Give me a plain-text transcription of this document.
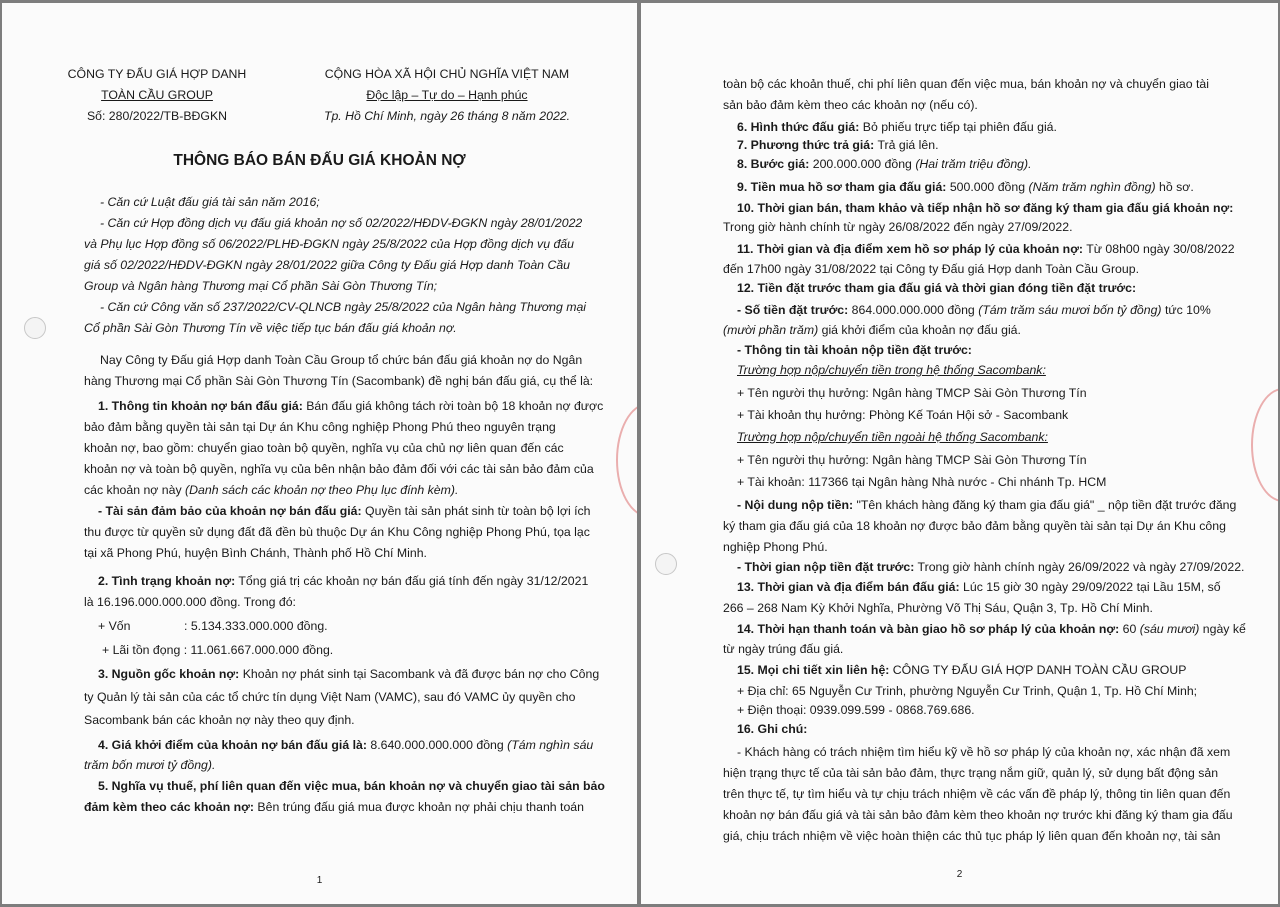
CÔNG TY ĐẤU GIÁ HỢP DANH
TOÀN CẦU GROUP
Số: 280/2022/TB-BĐGKN
CỘNG HÒA XÃ HỘI CHỦ NGHĨA VIỆT NAM
Độc lập – Tự do – Hạnh phúc
Tp. Hồ Chí Minh, ngày 26 tháng 8 năm 2022.
THÔNG BÁO BÁN ĐẤU GIÁ KHOẢN NỢ
- Căn cứ Luật đấu giá tài sản năm 2016;
- Căn cứ Hợp đồng dịch vụ đấu giá khoản nợ số 02/2022/HĐDV-ĐGKN ngày 28/01/2022
và Phụ lục Hợp đồng số 06/2022/PLHĐ-ĐGKN ngày 25/8/2022 của Hợp đồng dịch vụ đấu
giá số 02/2022/HĐDV-ĐGKN ngày 28/01/2022 giữa Công ty Đấu giá Hợp danh Toàn Cầu
Group và Ngân hàng Thương mại Cổ phần Sài Gòn Thương Tín;
- Căn cứ Công văn số 237/2022/CV-QLNCB ngày 25/8/2022 của Ngân hàng Thương mại
Cổ phần Sài Gòn Thương Tín về việc tiếp tục bán đấu giá khoản nợ.
Nay Công ty Đấu giá Hợp danh Toàn Cầu Group tổ chức bán đấu giá khoản nợ do Ngân
hàng Thương mại Cổ phần Sài Gòn Thương Tín (Sacombank) đề nghị bán đấu giá, cụ thể là:
1. Thông tin khoản nợ bán đấu giá: Bán đấu giá không tách rời toàn bộ 18 khoản nợ được
bảo đảm bằng quyền tài sản tại Dự án Khu công nghiệp Phong Phú theo nguyên trạng
khoản nợ, bao gồm: chuyển giao toàn bộ quyền, nghĩa vụ của chủ nợ liên quan đến các
khoản nợ và toàn bộ quyền, nghĩa vụ của bên nhận bảo đảm đối với các tài sản bảo đảm của
các khoản nợ này (Danh sách các khoản nợ theo Phụ lục đính kèm).
- Tài sản đảm bảo của khoản nợ bán đấu giá: Quyền tài sản phát sinh từ toàn bộ lợi ích
thu được từ quyền sử dụng đất đã đền bù thuộc Dự án Khu Công nghiệp Phong Phú, tọa lạc
tại xã Phong Phú, huyện Bình Chánh, Thành phố Hồ Chí Minh.
2. Tình trạng khoản nợ: Tổng giá trị các khoản nợ bán đấu giá tính đến ngày 31/12/2021
là 16.196.000.000.000 đồng. Trong đó:
+ Vốn	: 5.134.333.000.000 đồng.
+ Lãi tồn đọng : 11.061.667.000.000 đồng.
3. Nguồn gốc khoản nợ: Khoản nợ phát sinh tại Sacombank và đã được bán nợ cho Công
ty Quản lý tài sản của các tổ chức tín dụng Việt Nam (VAMC), sau đó VAMC ủy quyền cho
Sacombank bán các khoản nợ này theo quy định.
4. Giá khởi điểm của khoản nợ bán đấu giá là: 8.640.000.000.000 đồng (Tám nghìn sáu
trăm bốn mươi tỷ đồng).
5. Nghĩa vụ thuế, phí liên quan đến việc mua, bán khoản nợ và chuyển giao tài sản bảo
đảm kèm theo các khoản nợ: Bên trúng đấu giá mua được khoản nợ phải chịu thanh toán
1
toàn bộ các khoản thuế, chi phí liên quan đến việc mua, bán khoản nợ và chuyển giao tài
sản bảo đảm kèm theo các khoản nợ (nếu có).
6. Hình thức đấu giá: Bỏ phiếu trực tiếp tại phiên đấu giá.
7. Phương thức trả giá: Trả giá lên.
8. Bước giá: 200.000.000 đồng (Hai trăm triệu đồng).
9. Tiền mua hồ sơ tham gia đấu giá: 500.000 đồng (Năm trăm nghìn đồng) hồ sơ.
10. Thời gian bán, tham khảo và tiếp nhận hồ sơ đăng ký tham gia đấu giá khoản nợ:
Trong giờ hành chính từ ngày 26/08/2022 đến ngày 27/09/2022.
11. Thời gian và địa điểm xem hồ sơ pháp lý của khoản nợ: Từ 08h00 ngày 30/08/2022
đến 17h00 ngày 31/08/2022 tại Công ty Đấu giá Hợp danh Toàn Cầu Group.
12. Tiền đặt trước tham gia đấu giá và thời gian đóng tiền đặt trước:
- Số tiền đặt trước: 864.000.000.000 đồng (Tám trăm sáu mươi bốn tỷ đồng) tức 10%
(mười phần trăm) giá khởi điểm của khoản nợ đấu giá.
- Thông tin tài khoản nộp tiền đặt trước:
Trường hợp nộp/chuyển tiền trong hệ thống Sacombank:
+ Tên người thụ hưởng: Ngân hàng TMCP Sài Gòn Thương Tín
+ Tài khoản thụ hưởng: Phòng Kế Toán Hội sở - Sacombank
Trường hợp nộp/chuyển tiền ngoài hệ thống Sacombank:
+ Tên người thụ hưởng: Ngân hàng TMCP Sài Gòn Thương Tín
+ Tài khoản: 117366 tại Ngân hàng Nhà nước - Chi nhánh Tp. HCM
- Nội dung nộp tiền: "Tên khách hàng đăng ký tham gia đấu giá" _ nộp tiền đặt trước đăng
ký tham gia đấu giá của 18 khoản nợ được bảo đảm bằng quyền tài sản tại Dự án Khu công
nghiệp Phong Phú.
- Thời gian nộp tiền đặt trước: Trong giờ hành chính ngày 26/09/2022 và ngày 27/09/2022.
13. Thời gian và địa điểm bán đấu giá: Lúc 15 giờ 30 ngày 29/09/2022 tại Lầu 15M, số
266 – 268 Nam Kỳ Khởi Nghĩa, Phường Võ Thị Sáu, Quận 3, Tp. Hồ Chí Minh.
14. Thời hạn thanh toán và bàn giao hồ sơ pháp lý của khoản nợ: 60 (sáu mươi) ngày kể
từ ngày trúng đấu giá.
15. Mọi chi tiết xin liên hệ: CÔNG TY ĐẤU GIÁ HỢP DANH TOÀN CẦU GROUP
+ Địa chỉ: 65 Nguyễn Cư Trinh, phường Nguyễn Cư Trinh, Quận 1, Tp. Hồ Chí Minh;
+ Điện thoại: 0939.099.599 - 0868.769.686.
16. Ghi chú:
- Khách hàng có trách nhiệm tìm hiểu kỹ về hồ sơ pháp lý của khoản nợ, xác nhận đã xem
hiện trạng thực tế của tài sản bảo đảm, thực trạng nắm giữ, quản lý, sử dụng bất động sản
trên thực tế, tự tìm hiểu và tự chịu trách nhiệm về các vấn đề pháp lý, thông tin liên quan đến
khoản nợ bán đấu giá và tài sản bảo đảm kèm theo khoản nợ trước khi đăng ký tham gia đấu
giá, chịu trách nhiệm về việc hoàn thiện các thủ tục pháp lý liên quan đến khoản nợ, tài sản
2
